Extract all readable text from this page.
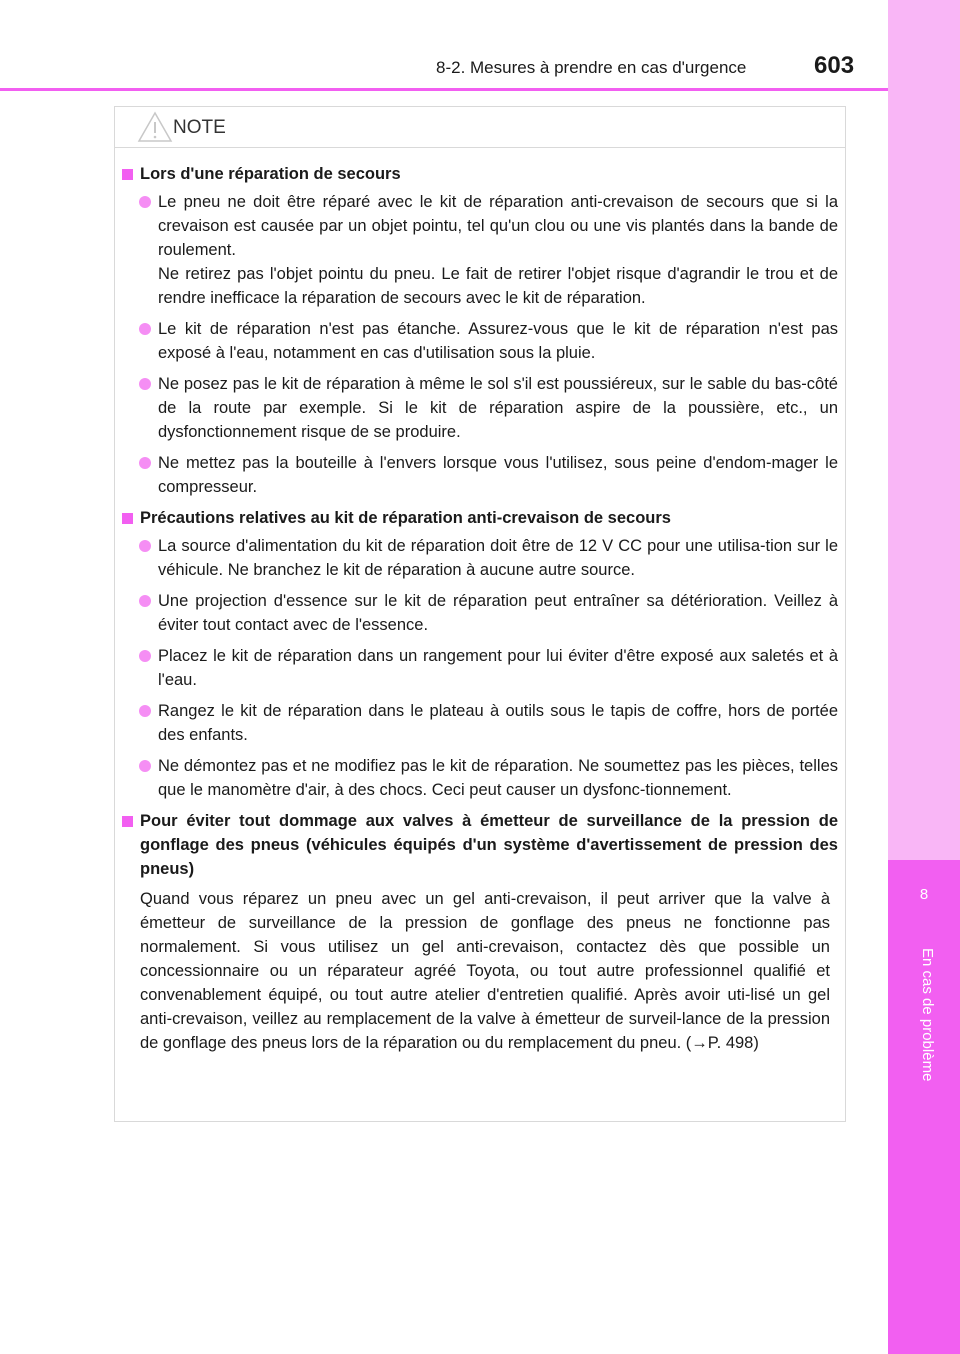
8
En cas de problème
8-2. Mesures à prendre en cas d'urgence	603
NOTE
Lors d'une réparation de secours
Le pneu ne doit être réparé avec le kit de réparation anti-crevaison de secours que si la crevaison est causée par un objet pointu, tel qu'un clou ou une vis plantés dans la bande de roulement.
Ne retirez pas l'objet pointu du pneu. Le fait de retirer l'objet risque d'agrandir le trou et de rendre inefficace la réparation de secours avec le kit de réparation.
Le kit de réparation n'est pas étanche. Assurez-vous que le kit de réparation n'est pas exposé à l'eau, notamment en cas d'utilisation sous la pluie.
Ne posez pas le kit de réparation à même le sol s'il est poussiéreux, sur le sable du bas-côté de la route par exemple. Si le kit de réparation aspire de la poussière, etc., un dysfonctionnement risque de se produire.
Ne mettez pas la bouteille à l'envers lorsque vous l'utilisez, sous peine d'endom-mager le compresseur.
Précautions relatives au kit de réparation anti-crevaison de secours
La source d'alimentation du kit de réparation doit être de 12 V CC pour une utilisa-tion sur le véhicule. Ne branchez le kit de réparation à aucune autre source.
Une projection d'essence sur le kit de réparation peut entraîner sa détérioration. Veillez à éviter tout contact avec de l'essence.
Placez le kit de réparation dans un rangement pour lui éviter d'être exposé aux saletés et à l'eau.
Rangez le kit de réparation dans le plateau à outils sous le tapis de coffre, hors de portée des enfants.
Ne démontez pas et ne modifiez pas le kit de réparation. Ne soumettez pas les pièces, telles que le manomètre d'air, à des chocs. Ceci peut causer un dysfonc-tionnement.
Pour éviter tout dommage aux valves à émetteur de surveillance de la pression de gonflage des pneus (véhicules équipés d'un système d'avertissement de pression des pneus)
Quand vous réparez un pneu avec un gel anti-crevaison, il peut arriver que la valve à émetteur de surveillance de la pression de gonflage des pneus ne fonctionne pas normalement. Si vous utilisez un gel anti-crevaison, contactez dès que possible un concessionnaire ou un réparateur agréé Toyota, ou tout autre professionnel qualifié et convenablement équipé, ou tout autre atelier d'entretien qualifié. Après avoir uti-lisé un gel anti-crevaison, veillez au remplacement de la valve à émetteur de surveil-lance de la pression de gonflage des pneus lors de la réparation ou du remplacement du pneu. (→P. 498)
